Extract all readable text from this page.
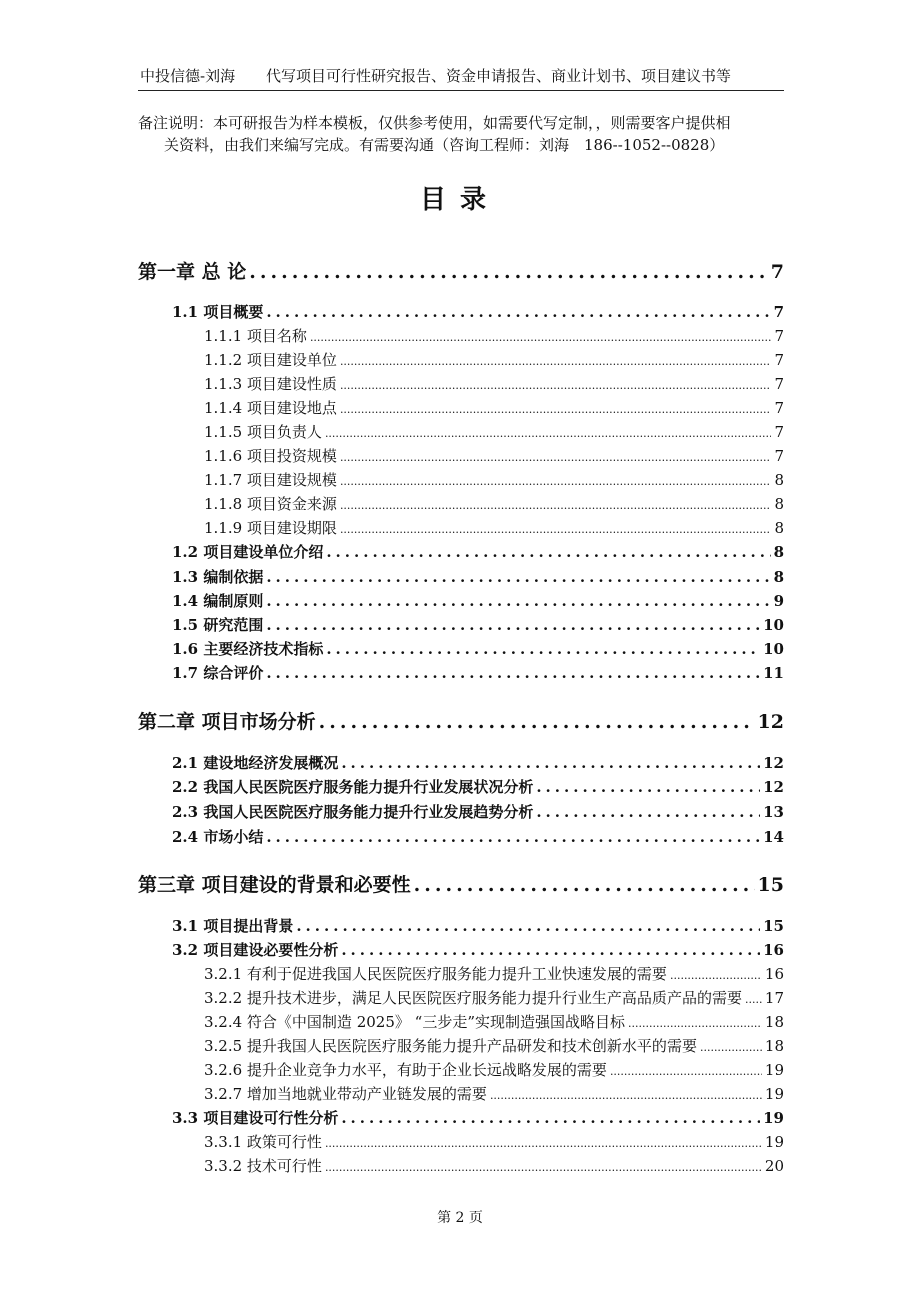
中投信德-刘海 代写项目可行性研究报告、资金申请报告、商业计划书、项目建议书等
备注说明：本可研报告为样本模板，仅供参考使用，如需要代写定制，，则需要客户提供相
关资料，由我们来编写完成。有需要沟通（咨询工程师：刘海　186--1052--0828）
目录
第一章 总 论 .....	7
1.1 项目概要 .....	7
1.1.1 项目名称 .....	7
1.1.2 项目建设单位 .....	7
1.1.3 项目建设性质 .....	7
1.1.4 项目建设地点 .....	7
1.1.5 项目负责人 .....	7
1.1.6 项目投资规模 .....	7
1.1.7 项目建设规模 .....	8
1.1.8 项目资金来源 .....	8
1.1.9 项目建设期限 .....	8
1.2 项目建设单位介绍 .....	8
1.3 编制依据 .....	8
1.4 编制原则 .....	9
1.5 研究范围 .....	10
1.6 主要经济技术指标 .....	10
1.7 综合评价 .....	11
第二章 项目市场分析 .....	12
2.1 建设地经济发展概况 .....	12
2.2 我国人民医院医疗服务能力提升行业发展状况分析 .....	12
2.3 我国人民医院医疗服务能力提升行业发展趋势分析 .....	13
2.4 市场小结 .....	14
第三章 项目建设的背景和必要性 .....	15
3.1 项目提出背景 .....	15
3.2 项目建设必要性分析 .....	16
3.2.1 有利于促进我国人民医院医疗服务能力提升工业快速发展的需要 .....	16
3.2.2 提升技术进步，满足人民医院医疗服务能力提升行业生产高品质产品的需要 ..... 17
3.2.4 符合《中国制造 2025》 “三步走”实现制造强国战略目标 .....	18
3.2.5 提升我国人民医院医疗服务能力提升产品研发和技术创新水平的需要 .....	18
3.2.6 提升企业竞争力水平，有助于企业长远战略发展的需要 .....	19
3.2.7 增加当地就业带动产业链发展的需要 .....	19
3.3 项目建设可行性分析 .....	19
3.3.1 政策可行性 .....	19
3.3.2 技术可行性 .....	20
第 2 页
